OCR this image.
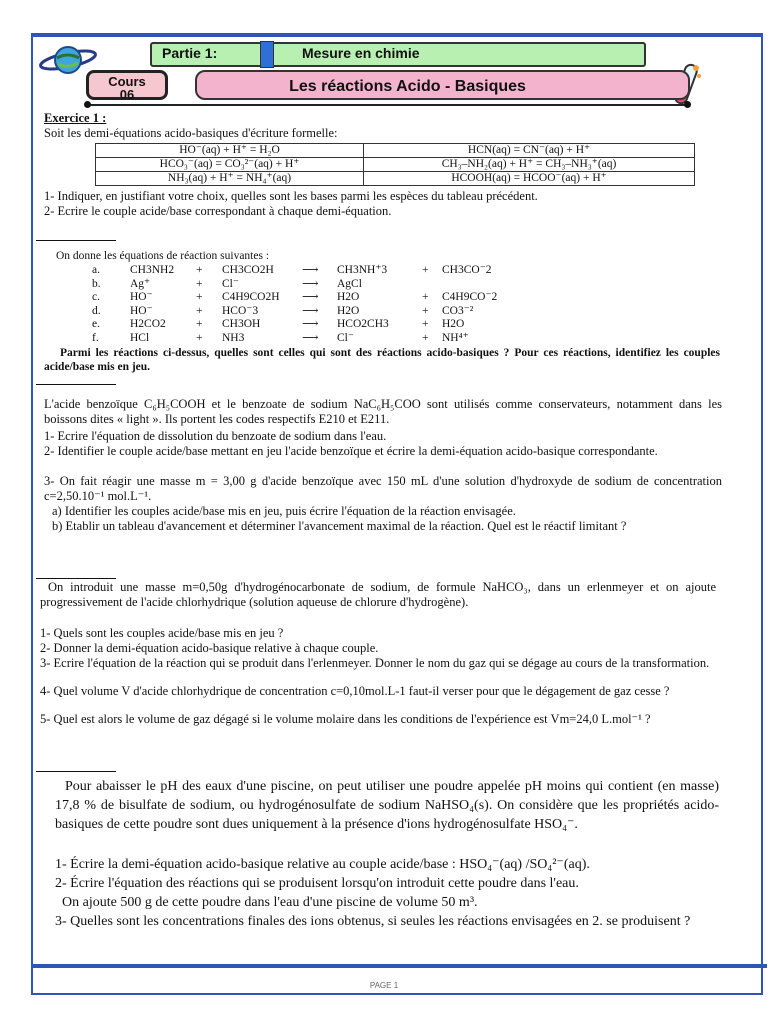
Partie 1:	Mesure en chimie
Cours
06	Les réactions Acido - Basiques
Exercice 1 :
Soit les demi-équations acido-basiques d'écriture formelle:
HO⁻(aq) + H⁺ = H₂O	HCN(aq) = CN⁻(aq) + H⁺
HCO₃⁻(aq) = CO₃²⁻(aq) + H⁺	CH₃–NH₂(aq) + H⁺ = CH₃–NH₃⁺(aq)
NH₃(aq) + H⁺ = NH₄⁺(aq)	HCOOH(aq) = HCOO⁻(aq) + H⁺
1- Indiquer, en justifiant votre choix, quelles sont les bases parmi les espèces du tableau précédent.
2- Ecrire le couple acide/base correspondant à chaque demi-équation.
On donne les équations de réaction suivantes :
a.	CH3NH2 + CH3CO2H ⟶ CH3NH⁺3	+ CH3CO⁻2
b.	Ag⁺	+ Cl⁻	⟶ AgCl
c.	HO⁻	+ C4H9CO2H ⟶ H2O	+ C4H9CO⁻2
d.	HO⁻	+ HCO⁻3	⟶ H2O	+ CO3⁻²
e.	H2CO2	+ CH3OH	⟶ HCO2CH3	+ H2O
f.	HCl	+ NH3	⟶ Cl⁻	+ NH⁴⁺
Parmi les réactions ci-dessus, quelles sont celles qui sont des réactions acido-basiques ? Pour ces réactions, identifiez les couples acide/base mis en jeu.
L'acide benzoïque C₆H₅COOH et le benzoate de sodium NaC₆H₅COO sont utilisés comme conservateurs, notamment dans les boissons dites « light ». Ils portent les codes respectifs E210 et E211.
1- Ecrire l'équation de dissolution du benzoate de sodium dans l'eau.
2- Identifier le couple acide/base mettant en jeu l'acide benzoïque et écrire la demi-équation acido-basique correspondante.
3- On fait réagir une masse m = 3,00 g d'acide benzoïque avec 150 mL d'une solution d'hydroxyde de sodium de concentration c=2,50.10⁻¹ mol.L⁻¹.
a) Identifier les couples acide/base mis en jeu, puis écrire l'équation de la réaction envisagée.
b) Etablir un tableau d'avancement et déterminer l'avancement maximal de la réaction. Quel est le réactif limitant ?
On introduit une masse m=0,50g d'hydrogénocarbonate de sodium, de formule NaHCO₃, dans un erlenmeyer et on ajoute progressivement de l'acide chlorhydrique (solution aqueuse de chlorure d'hydrogène).
1- Quels sont les couples acide/base mis en jeu ?
2- Donner la demi-équation acido-basique relative à chaque couple.
3- Ecrire l'équation de la réaction qui se produit dans l'erlenmeyer. Donner le nom du gaz qui se dégage au cours de la transformation.
4- Quel volume V d'acide chlorhydrique de concentration c=0,10mol.L-1 faut-il verser pour que le dégagement de gaz cesse ?
5- Quel est alors le volume de gaz dégagé si le volume molaire dans les conditions de l'expérience est Vm=24,0 L.mol⁻¹ ?
Pour abaisser le pH des eaux d'une piscine, on peut utiliser une poudre appelée pH moins qui contient (en masse) 17,8 % de bisulfate de sodium, ou hydrogénosulfate de sodium NaHSO₄(s). On considère que les propriétés acido-basiques de cette poudre sont dues uniquement à la présence d'ions hydrogénosulfate HSO₄⁻.
1- Écrire la demi-équation acido-basique relative au couple acide/base : HSO₄⁻(aq) /SO₄²⁻(aq).
2- Écrire l'équation des réactions qui se produisent lorsqu'on introduit cette poudre dans l'eau.
On ajoute 500 g de cette poudre dans l'eau d'une piscine de volume 50 m³.
3- Quelles sont les concentrations finales des ions obtenus, si seules les réactions envisagées en 2. se produisent ?
PAGE 1
